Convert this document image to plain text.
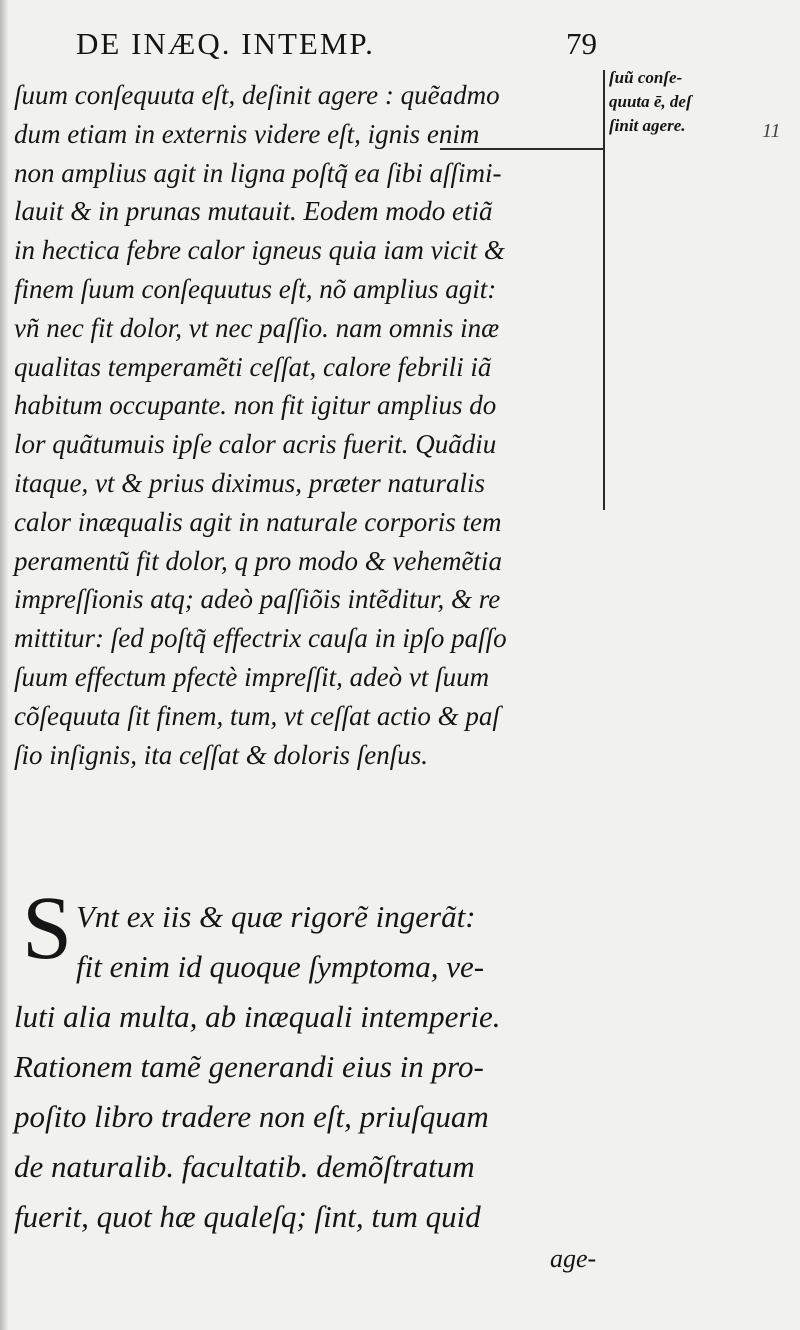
DE INÆQ. INTEMP.	79
ſuũ conſe-
quuta ē, deſ
ſinit agere.	11
ſuum conſequuta eſt, deſinit agere : quẽadmo
dum etiam in externis videre eſt, ignis enim
non amplius agit in ligna poſtq̃ ea ſibi aſſimi-
lauit & in prunas mutauit. Eodem modo etiã
in hectica febre calor igneus quia iam vicit &
finem ſuum conſequutus eſt, nõ amplius agit:
vñ nec fit dolor, vt nec paſſio. nam omnis inæ
qualitas temperamẽti ceſſat, calore febrili iã
habitum occupante. non fit igitur amplius do
lor quãtumuis ipſe calor acris fuerit. Quãdiu
itaque, vt & prius diximus, præter naturalis
calor inæqualis agit in naturale corporis tem
peramentũ fit dolor, q pro modo & vehemẽtia
impreſſionis atq; adeò paſſiõis intẽditur, & re
mittitur: ſed poſtq̃ effectrix cauſa in ipſo paſſo
ſuum effectum pfectè impreſſit, adeò vt ſuum
cõſequuta ſit finem, tum, vt ceſſat actio & paſ
ſio inſignis, ita ceſſat & doloris ſenſus.
S Vnt ex iis & quæ rigorẽ ingerãt:
fit enim id quoque ſymptoma, ve-
luti alia multa, ab inæquali intemperie.
Rationem tamẽ generandi eius in pro-
poſito libro tradere non eſt, priuſquam
de naturalib. facultatib. demõſtratum
fuerit, quot hæ qualeſq; ſint, tum quid
age-
